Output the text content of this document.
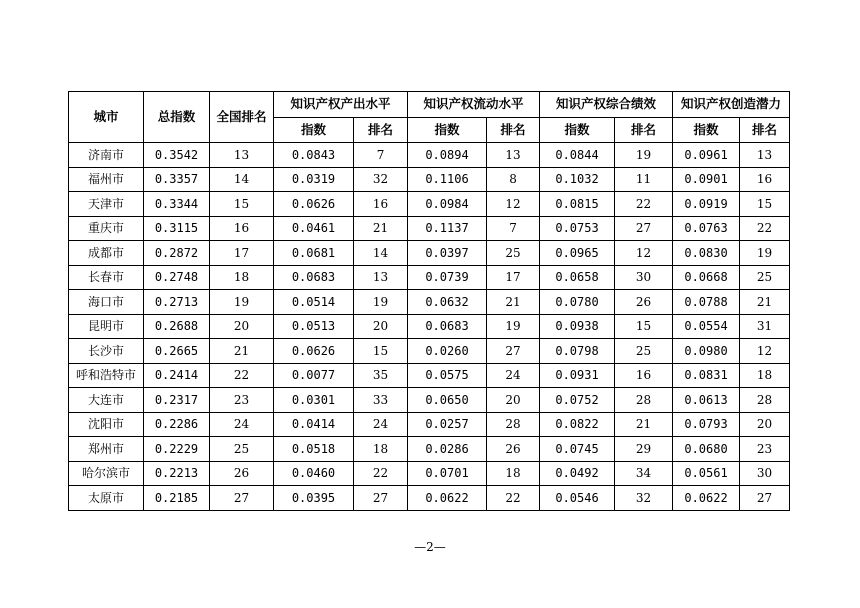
城市	总指数	全国排名	知识产权产出水平		知识产权流动水平		知识产权综合绩效		知识产权创造潜力	
			指数	排名	指数	排名	指数	排名	指数	排名
济南市	0.3542	13	0.0843	7	0.0894	13	0.0844	19	0.0961	13
福州市	0.3357	14	0.0319	32	0.1106	8	0.1032	11	0.0901	16
天津市	0.3344	15	0.0626	16	0.0984	12	0.0815	22	0.0919	15
重庆市	0.3115	16	0.0461	21	0.1137	7	0.0753	27	0.0763	22
成都市	0.2872	17	0.0681	14	0.0397	25	0.0965	12	0.0830	19
长春市	0.2748	18	0.0683	13	0.0739	17	0.0658	30	0.0668	25
海口市	0.2713	19	0.0514	19	0.0632	21	0.0780	26	0.0788	21
昆明市	0.2688	20	0.0513	20	0.0683	19	0.0938	15	0.0554	31
长沙市	0.2665	21	0.0626	15	0.0260	27	0.0798	25	0.0980	12
呼和浩特市	0.2414	22	0.0077	35	0.0575	24	0.0931	16	0.0831	18
大连市	0.2317	23	0.0301	33	0.0650	20	0.0752	28	0.0613	28
沈阳市	0.2286	24	0.0414	24	0.0257	28	0.0822	21	0.0793	20
郑州市	0.2229	25	0.0518	18	0.0286	26	0.0745	29	0.0680	23
哈尔滨市	0.2213	26	0.0460	22	0.0701	18	0.0492	34	0.0561	30
太原市	0.2185	27	0.0395	27	0.0622	22	0.0546	32	0.0622	27
—2—
